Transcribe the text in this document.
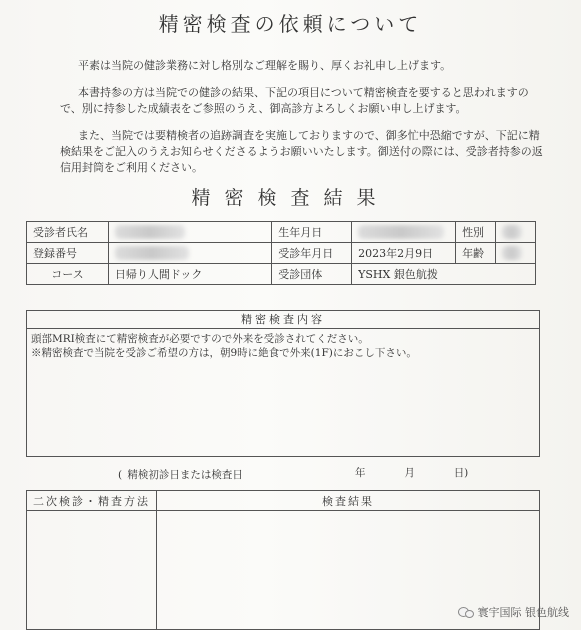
精密検査の依頼について
平素は当院の健診業務に対し格別なご理解を賜り、厚くお礼申し上げます。
本書持参の方は当院での健診の結果、下記の項目について精密検査を要すると思われますので、別に持参した成績表をご参照のうえ、御高診方よろしくお願い申し上げます。
また、当院では要精検者の追跡調査を実施しておりますので、御多忙中恐縮ですが、下記に精検結果をご記入のうえお知らせくださるようお願いいたします。御送付の際には、受診者持参の返信用封筒をご利用ください。
精密検査結果
受診者氏名		生年月日		性別	
登録番号		受診年月日	2023年2月9日	年齢	
コース	日帰り人間ドック	受診団体	YSHX 銀色航拨		
精密検査内容
頭部MRI検査にて精密検査が必要ですので外来を受診されてください。
※精密検査で当院を受診ご希望の方は，朝9時に絶食で外来(1F)におこし下さい。
( 精検初診日または検査日	年	月	日)
二次検診・精査方法	検査結果

寰宇国际 银色航线
